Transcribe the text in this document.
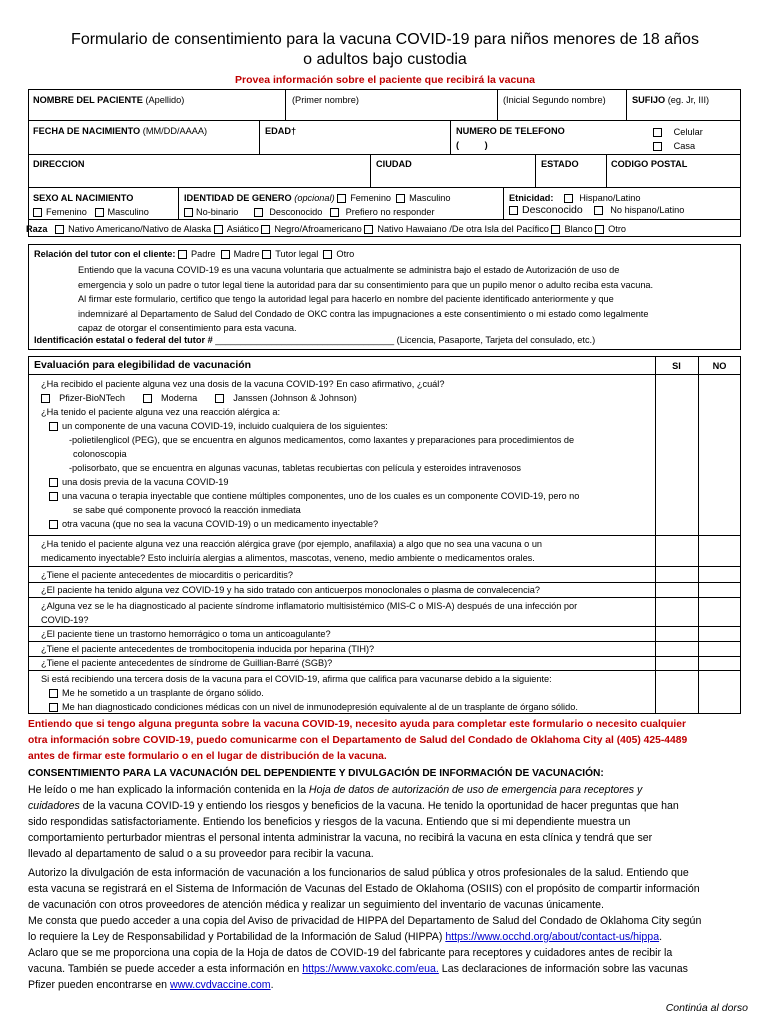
Formulario de consentimiento para la vacuna COVID-19 para niños menores de 18 años
o adultos bajo custodia
Provea información sobre el paciente que recibirá la vacuna
NOMBRE DEL PACIENTE (Apellido)	(Primer nombre)	(Inicial Segundo nombre)	SUFIJO (eg. Jr, III)
FECHA DE NACIMIENTO (MM/DD/AAAA)	EDAD†	NUMERO DE TELEFONO
(          )
Celular
Casa
DIRECCION	CIUDAD	ESTADO	CODIGO POSTAL
SEXO AL NACIMIENTO
Femenino Masculino
IDENTIDAD DE GENERO (opcional) Femenino Masculino
No-binario	Desconocido	Prefiero no responder
Etnicidad:	Hispano/Latino
Desconocido	No hispano/Latino
Raza Nativo Americano/Nativo de Alaska Asiático Negro/Afroamericano Nativo Hawaiano /De otra Isla del Pacífico Blanco Otro
Relación del tutor con el cliente: Padre Madre Tutor legal Otro
Entiendo que la vacuna COVID-19 es una vacuna voluntaria que actualmente se administra bajo el estado de Autorización de uso de
emergencia y solo un padre o tutor legal tiene la autoridad para dar su consentimiento para que un pupilo menor o adulto reciba esta vacuna.
Al firmar este formulario, certifico que tengo la autoridad legal para hacerlo en nombre del paciente identificado anteriormente y que
indemnizaré al Departamento de Salud del Condado de OKC contra las impugnaciones a este consentimiento o mi estado como legalmente
capaz de otorgar el consentimiento para esta vacuna.
Identificación estatal o federal del tutor # ___________________________________ (Licencia, Pasaporte, Tarjeta del consulado, etc.)
Evaluación para elegibilidad de vacunación	SI	NO
¿Ha recibido el paciente alguna vez una dosis de la vacuna COVID-19? En caso afirmativo, ¿cuál?
Pfizer-BioNTech	Moderna	Janssen (Johnson & Johnson)
¿Ha tenido el paciente alguna vez una reacción alérgica a:
un componente de una vacuna COVID-19, incluido cualquiera de los siguientes:
-polietilenglicol (PEG), que se encuentra en algunos medicamentos, como laxantes y preparaciones para procedimientos de
colonoscopia
-polisorbato, que se encuentra en algunas vacunas, tabletas recubiertas con película y esteroides intravenosos
una dosis previa de la vacuna COVID-19
una vacuna o terapia inyectable que contiene múltiples componentes, uno de los cuales es un componente COVID-19, pero no
se sabe qué componente provocó la reacción inmediata
otra vacuna (que no sea la vacuna COVID-19) o un medicamento inyectable?
¿Ha tenido el paciente alguna vez una reacción alérgica grave (por ejemplo, anafilaxia) a algo que no sea una vacuna o un
medicamento inyectable? Esto incluiría alergias a alimentos, mascotas, veneno, medio ambiente o medicamentos orales.
¿Tiene el paciente antecedentes de miocarditis o pericarditis?
¿El paciente ha tenido alguna vez COVID-19 y ha sido tratado con anticuerpos monoclonales o plasma de convalecencia?
¿Alguna vez se le ha diagnosticado al paciente síndrome inflamatorio multisistémico (MIS-C o MIS-A) después de una infección por
COVID-19?
¿El paciente tiene un trastorno hemorrágico o toma un anticoagulante?
¿Tiene el paciente antecedentes de trombocitopenia inducida por heparina (TIH)?
¿Tiene el paciente antecedentes de síndrome de Guillian-Barré (SGB)?
Si está recibiendo una tercera dosis de la vacuna para el COVID-19, afirma que califica para vacunarse debido a la siguiente:
Me he sometido a un trasplante de órgano sólido.
Me han diagnosticado condiciones médicas con un nivel de inmunodepresión equivalente al de un trasplante de órgano sólido.
Entiendo que si tengo alguna pregunta sobre la vacuna COVID-19, necesito ayuda para completar este formulario o necesito cualquier
otra información sobre COVID-19, puedo comunicarme con el Departamento de Salud del Condado de Oklahoma City al (405) 425-4489
antes de firmar este formulario o en el lugar de distribución de la vacuna.
CONSENTIMIENTO PARA LA VACUNACIÓN DEL DEPENDIENTE Y DIVULGACIÓN DE INFORMACIÓN DE VACUNACIÓN:
He leído o me han explicado la información contenida en la Hoja de datos de autorización de uso de emergencia para receptores y
cuidadores de la vacuna COVID-19 y entiendo los riesgos y beneficios de la vacuna. He tenido la oportunidad de hacer preguntas que han
sido respondidas satisfactoriamente. Entiendo los beneficios y riesgos de la vacuna. Entiendo que si mi dependiente muestra un
comportamiento perturbador mientras el personal intenta administrar la vacuna, no recibirá la vacuna en esta clínica y tendrá que ser
llevado al departamento de salud o a su proveedor para recibir la vacuna.
Autorizo la divulgación de esta información de vacunación a los funcionarios de salud pública y otros profesionales de la salud. Entiendo que
esta vacuna se registrará en el Sistema de Información de Vacunas del Estado de Oklahoma (OSIIS) con el propósito de compartir información
de vacunación con otros proveedores de atención médica y realizar un seguimiento del inventario de vacunas únicamente.
Me consta que puedo acceder a una copia del Aviso de privacidad de HIPPA del Departamento de Salud del Condado de Oklahoma City según
lo requiere la Ley de Responsabilidad y Portabilidad de la Información de Salud (HIPPA) https://www.occhd.org/about/contact-us/hippa.
Aclaro que se me proporciona una copia de la Hoja de datos de COVID-19 del fabricante para receptores y cuidadores antes de recibir la
vacuna. También se puede acceder a esta información en https://www.vaxokc.com/eua. Las declaraciones de información sobre las vacunas
Pfizer pueden encontrarse en www.cvdvaccine.com.
Continúa al dorso
